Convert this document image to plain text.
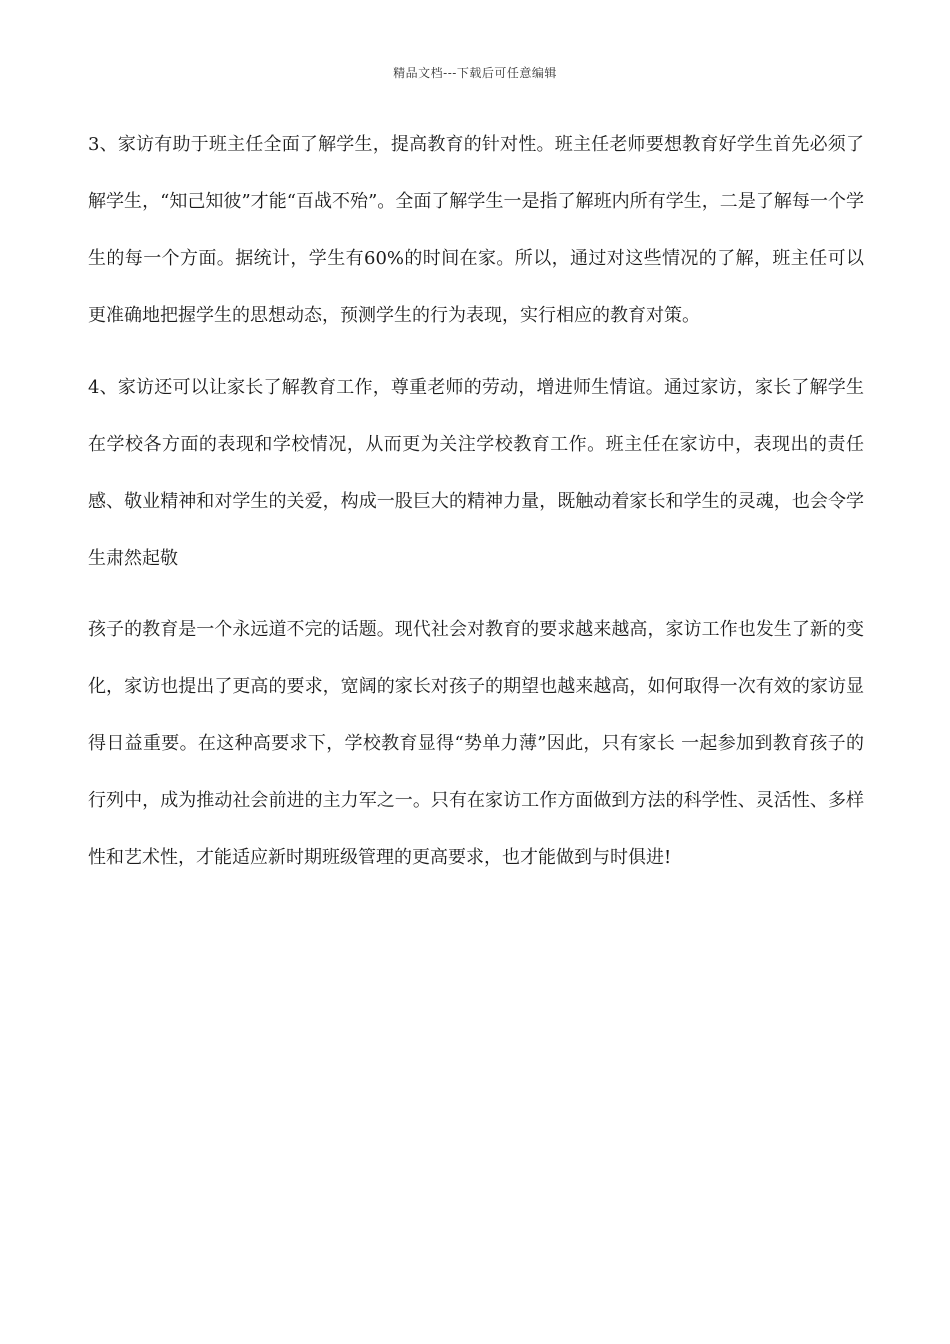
精品文档---下载后可任意编辑

3、家访有助于班主任全面了解学生，提高教育的针对性。班主任老师要想教育好学生首先必须了解学生，“知己知彼”才能“百战不殆”。全面了解学生一是指了解班内所有学生，二是了解每一个学生的每一个方面。据统计，学生有60%的时间在家。所以，通过对这些情况的了解，班主任可以更准确地把握学生的思想动态，预测学生的行为表现，实行相应的教育对策。

4、家访还可以让家长了解教育工作，尊重老师的劳动，增进师生情谊。通过家访，家长了解学生在学校各方面的表现和学校情况，从而更为关注学校教育工作。班主任在家访中，表现出的责任感、敬业精神和对学生的关爱，构成一股巨大的精神力量，既触动着家长和学生的灵魂，也会令学生肃然起敬

孩子的教育是一个永远道不完的话题。现代社会对教育的要求越来越高，家访工作也发生了新的变化，家访也提出了更高的要求，宽阔的家长对孩子的期望也越来越高，如何取得一次有效的家访显得日益重要。在这种高要求下，学校教育显得“势单力薄”因此，只有家长 一起参加到教育孩子的行列中，成为推动社会前进的主力军之一。只有在家访工作方面做到方法的科学性、灵活性、多样性和艺术性，才能适应新时期班级管理的更高要求，也才能做到与时俱进!
